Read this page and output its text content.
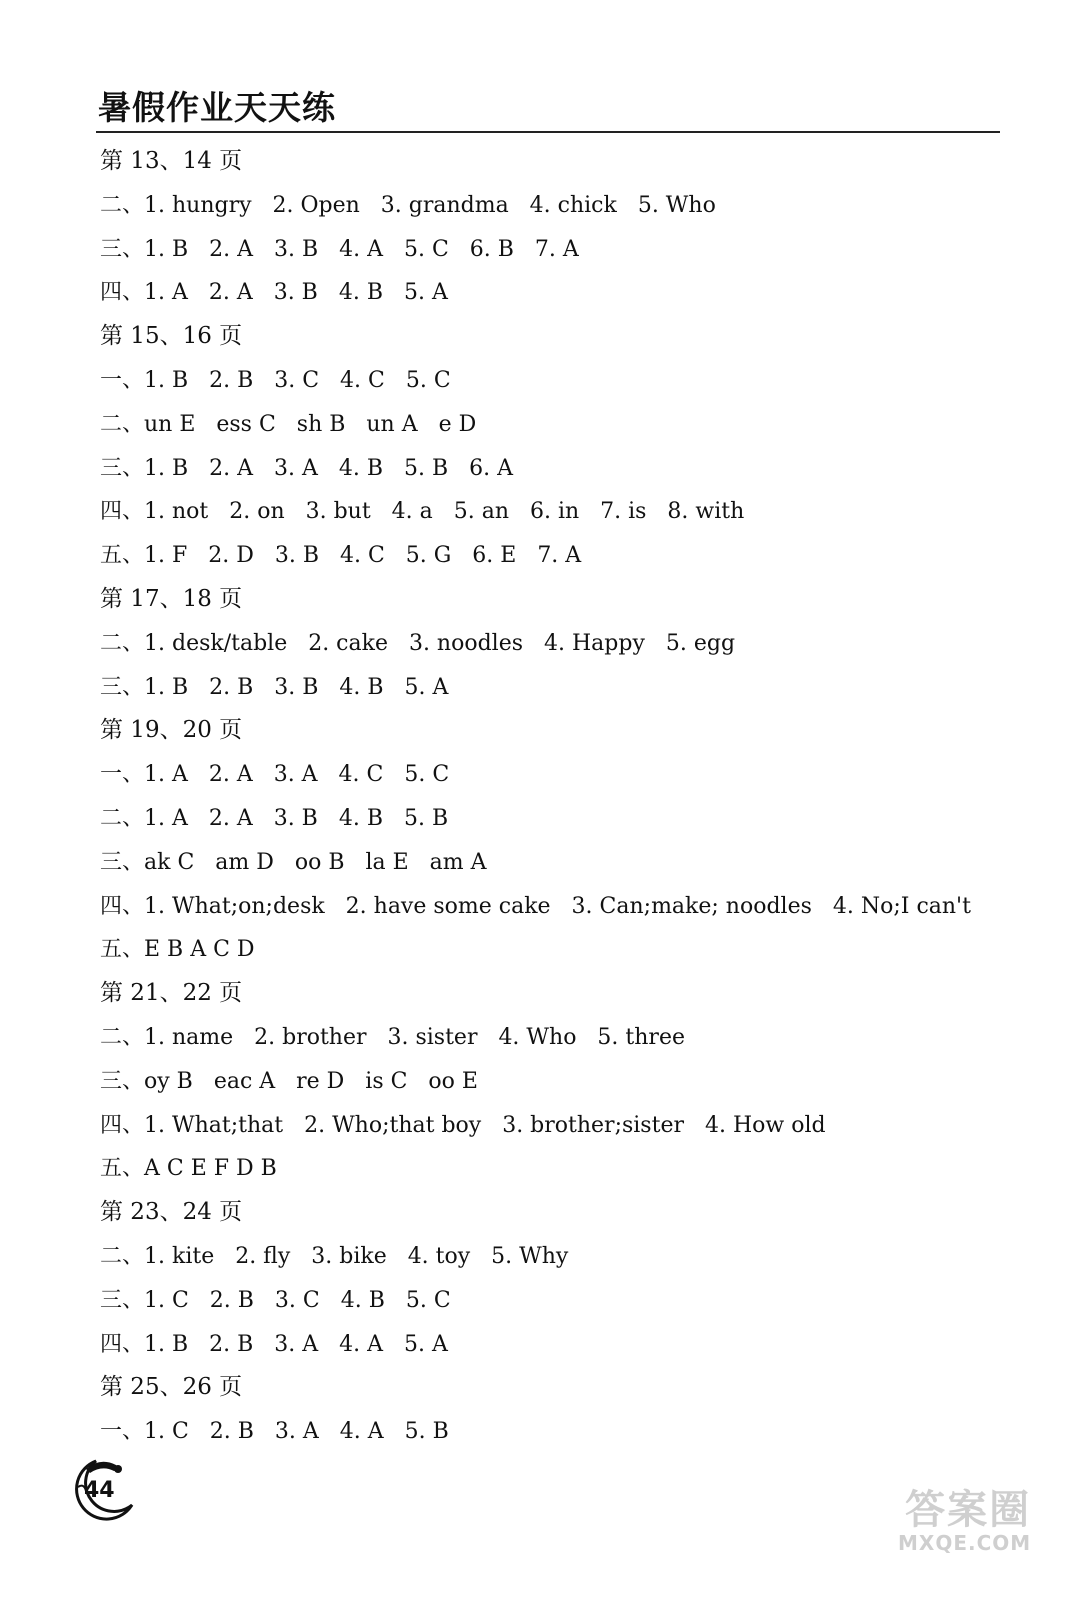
暑假作业天天练
第 13、14 页
二、1. hungry   2. Open   3. grandma   4. chick   5. Who
三、1. B   2. A   3. B   4. A   5. C   6. B   7. A
四、1. A   2. A   3. B   4. B   5. A
第 15、16 页
一、1. B   2. B   3. C   4. C   5. C
二、un E   ess C   sh B   un A   e D
三、1. B   2. A   3. A   4. B   5. B   6. A
四、1. not   2. on   3. but   4. a   5. an   6. in   7. is   8. with
五、1. F   2. D   3. B   4. C   5. G   6. E   7. A
第 17、18 页
二、1. desk/table   2. cake   3. noodles   4. Happy   5. egg
三、1. B   2. B   3. B   4. B   5. A
第 19、20 页
一、1. A   2. A   3. A   4. C   5. C
二、1. A   2. A   3. B   4. B   5. B
三、ak C   am D   oo B   la E   am A
四、1. What;on;desk   2. have some cake   3. Can;make; noodles   4. No;I can't
五、E B A C D
第 21、22 页
二、1. name   2. brother   3. sister   4. Who   5. three
三、oy B   eac A   re D   is C   oo E
四、1. What;that   2. Who;that boy   3. brother;sister   4. How old
五、A C E F D B
第 23、24 页
二、1. kite   2. fly   3. bike   4. toy   5. Why
三、1. C   2. B   3. C   4. B   5. C
四、1. B   2. B   3. A   4. A   5. A
第 25、26 页
一、1. C   2. B   3. A   4. A   5. B
44	答案圈
MXQE.COM
